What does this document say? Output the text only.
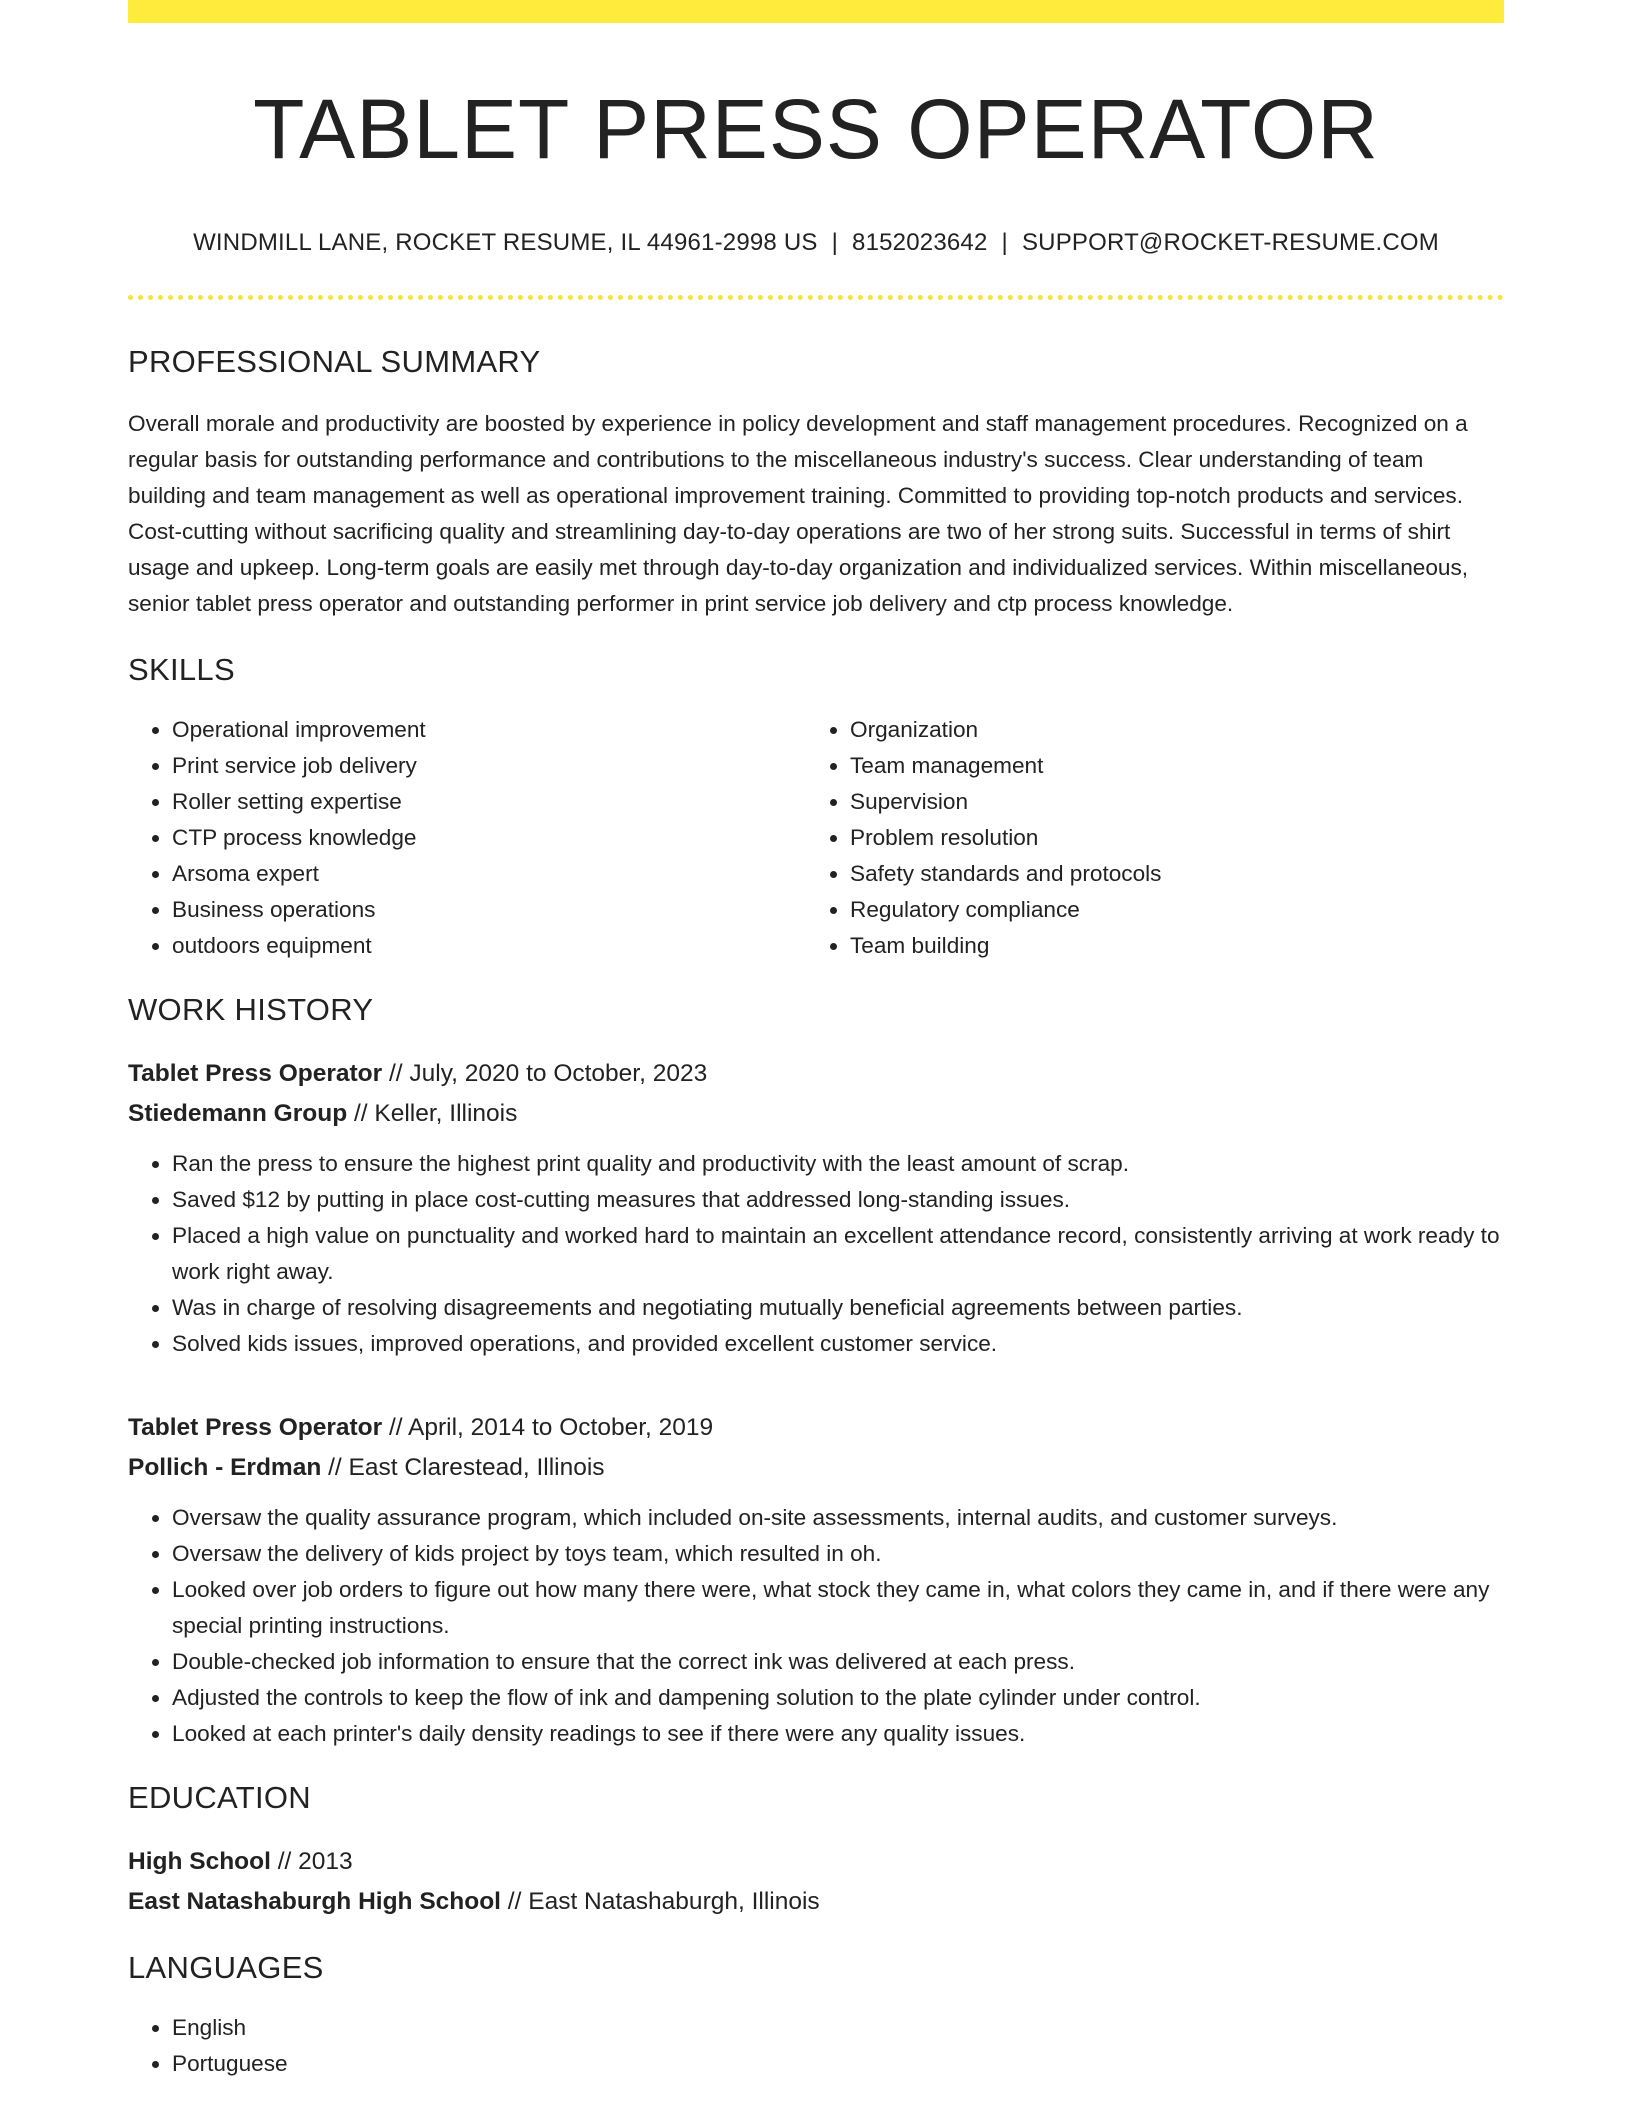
TABLET PRESS OPERATOR
WINDMILL LANE, ROCKET RESUME, IL 44961-2998 US | 8152023642 | SUPPORT@ROCKET-RESUME.COM
PROFESSIONAL SUMMARY

Overall morale and productivity are boosted by experience in policy development and staff management procedures. Recognized on a regular basis for outstanding performance and contributions to the miscellaneous industry's success. Clear understanding of team building and team management as well as operational improvement training. Committed to providing top-notch products and services. Cost-cutting without sacrificing quality and streamlining day-to-day operations are two of her strong suits. Successful in terms of shirt usage and upkeep. Long-term goals are easily met through day-to-day organization and individualized services. Within miscellaneous, senior tablet press operator and outstanding performer in print service job delivery and ctp process knowledge.

SKILLS
• Operational improvement
• Print service job delivery
• Roller setting expertise
• CTP process knowledge
• Arsoma expert
• Business operations
• outdoors equipment
• Organization
• Team management
• Supervision
• Problem resolution
• Safety standards and protocols
• Regulatory compliance
• Team building
WORK HISTORY
Tablet Press Operator // July, 2020 to October, 2023
Stiedemann Group // Keller, Illinois
• Ran the press to ensure the highest print quality and productivity with the least amount of scrap.
• Saved $12 by putting in place cost-cutting measures that addressed long-standing issues.
• Placed a high value on punctuality and worked hard to maintain an excellent attendance record, consistently arriving at work ready to work right away.
• Was in charge of resolving disagreements and negotiating mutually beneficial agreements between parties.
• Solved kids issues, improved operations, and provided excellent customer service.
Tablet Press Operator // April, 2014 to October, 2019
Pollich - Erdman // East Clarestead, Illinois
• Oversaw the quality assurance program, which included on-site assessments, internal audits, and customer surveys.
• Oversaw the delivery of kids project by toys team, which resulted in oh.
• Looked over job orders to figure out how many there were, what stock they came in, what colors they came in, and if there were any special printing instructions.
• Double-checked job information to ensure that the correct ink was delivered at each press.
• Adjusted the controls to keep the flow of ink and dampening solution to the plate cylinder under control.
• Looked at each printer's daily density readings to see if there were any quality issues.
EDUCATION
High School // 2013
East Natashaburgh High School // East Natashaburgh, Illinois
LANGUAGES
• English
• Portuguese
